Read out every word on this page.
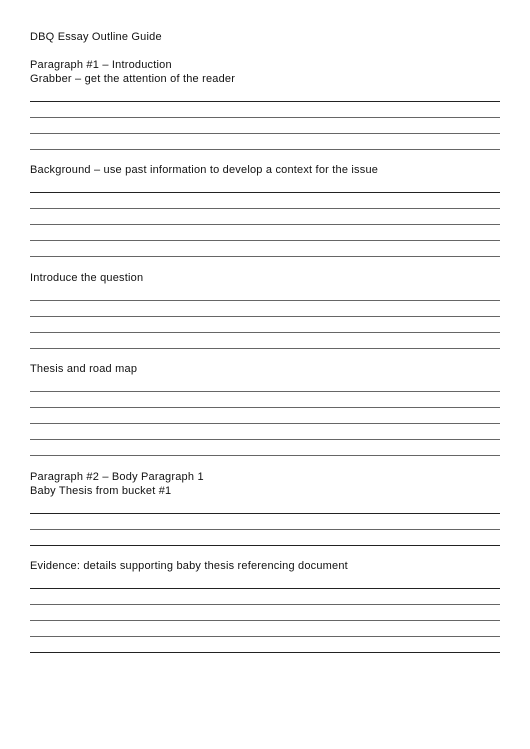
DBQ Essay Outline Guide
Paragraph #1 – Introduction
Grabber – get the attention of the reader
Background – use past information to develop a context for the issue
Introduce the question
Thesis and road map
Paragraph #2 – Body Paragraph 1
Baby Thesis from bucket #1
Evidence: details supporting baby thesis referencing document
